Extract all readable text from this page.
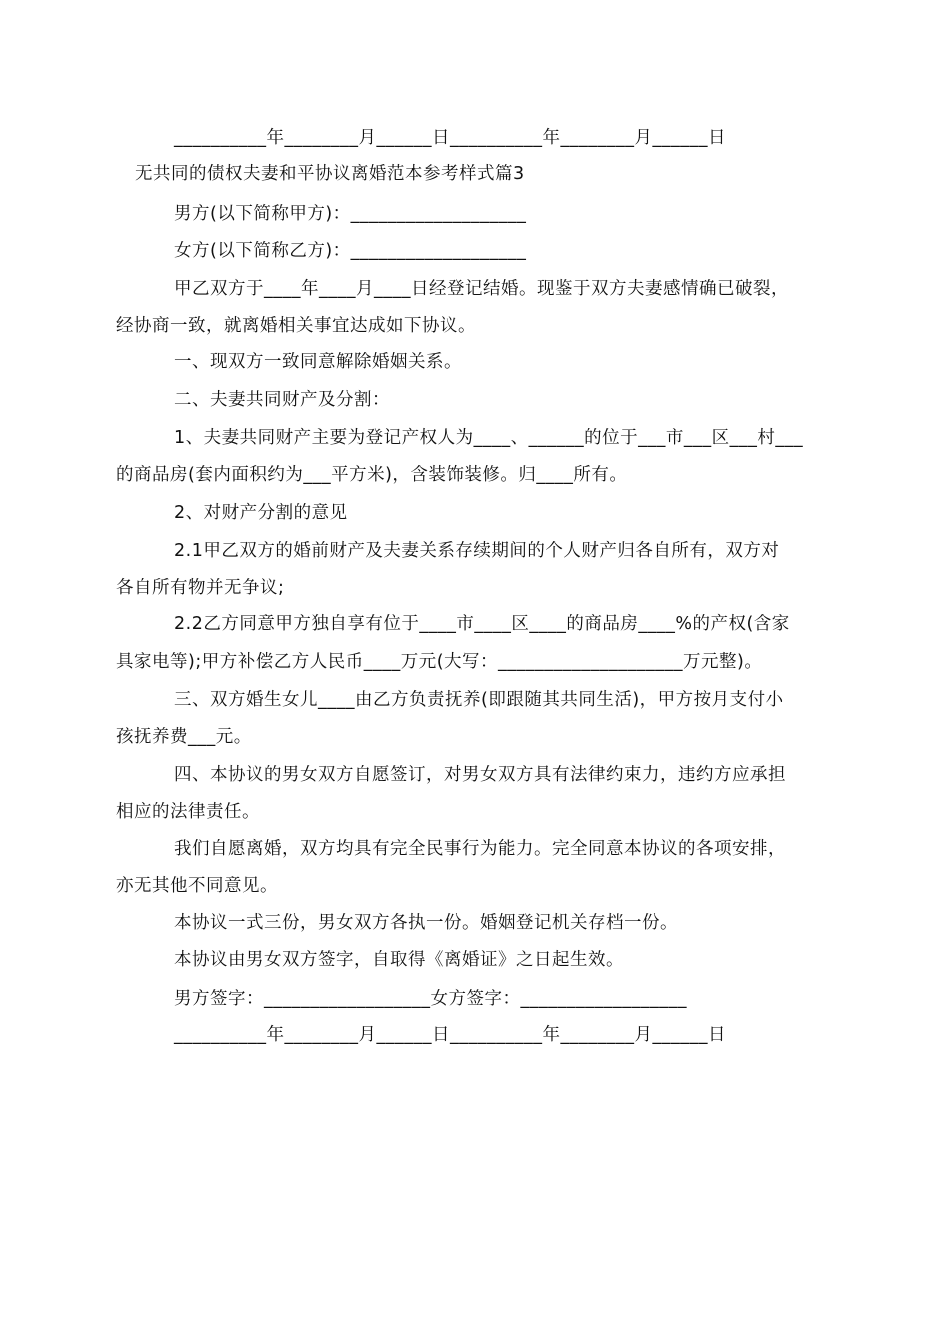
__________年________月______日__________年________月______日
无共同的债权夫妻和平协议离婚范本参考样式篇3
男方(以下简称甲方)：___________________
女方(以下简称乙方)：___________________
甲乙双方于____年____月____日经登记结婚。现鉴于双方夫妻感情确已破裂，
经协商一致，就离婚相关事宜达成如下协议。
一、现双方一致同意解除婚姻关系。
二、夫妻共同财产及分割：
1、夫妻共同财产主要为登记产权人为____、______的位于___市___区___村___
的商品房(套内面积约为___平方米)，含装饰装修。归____所有。
2、对财产分割的意见
2.1甲乙双方的婚前财产及夫妻关系存续期间的个人财产归各自所有，双方对
各自所有物并无争议;
2.2乙方同意甲方独自享有位于____市____区____的商品房____%的产权(含家
具家电等);甲方补偿乙方人民币____万元(大写：____________________万元整)。
三、双方婚生女儿____由乙方负责抚养(即跟随其共同生活)，甲方按月支付小
孩抚养费___元。
四、本协议的男女双方自愿签订，对男女双方具有法律约束力，违约方应承担
相应的法律责任。
我们自愿离婚，双方均具有完全民事行为能力。完全同意本协议的各项安排，
亦无其他不同意见。
本协议一式三份，男女双方各执一份。婚姻登记机关存档一份。
本协议由男女双方签字，自取得《离婚证》之日起生效。
男方签字：__________________女方签字：__________________
__________年________月______日__________年________月______日
